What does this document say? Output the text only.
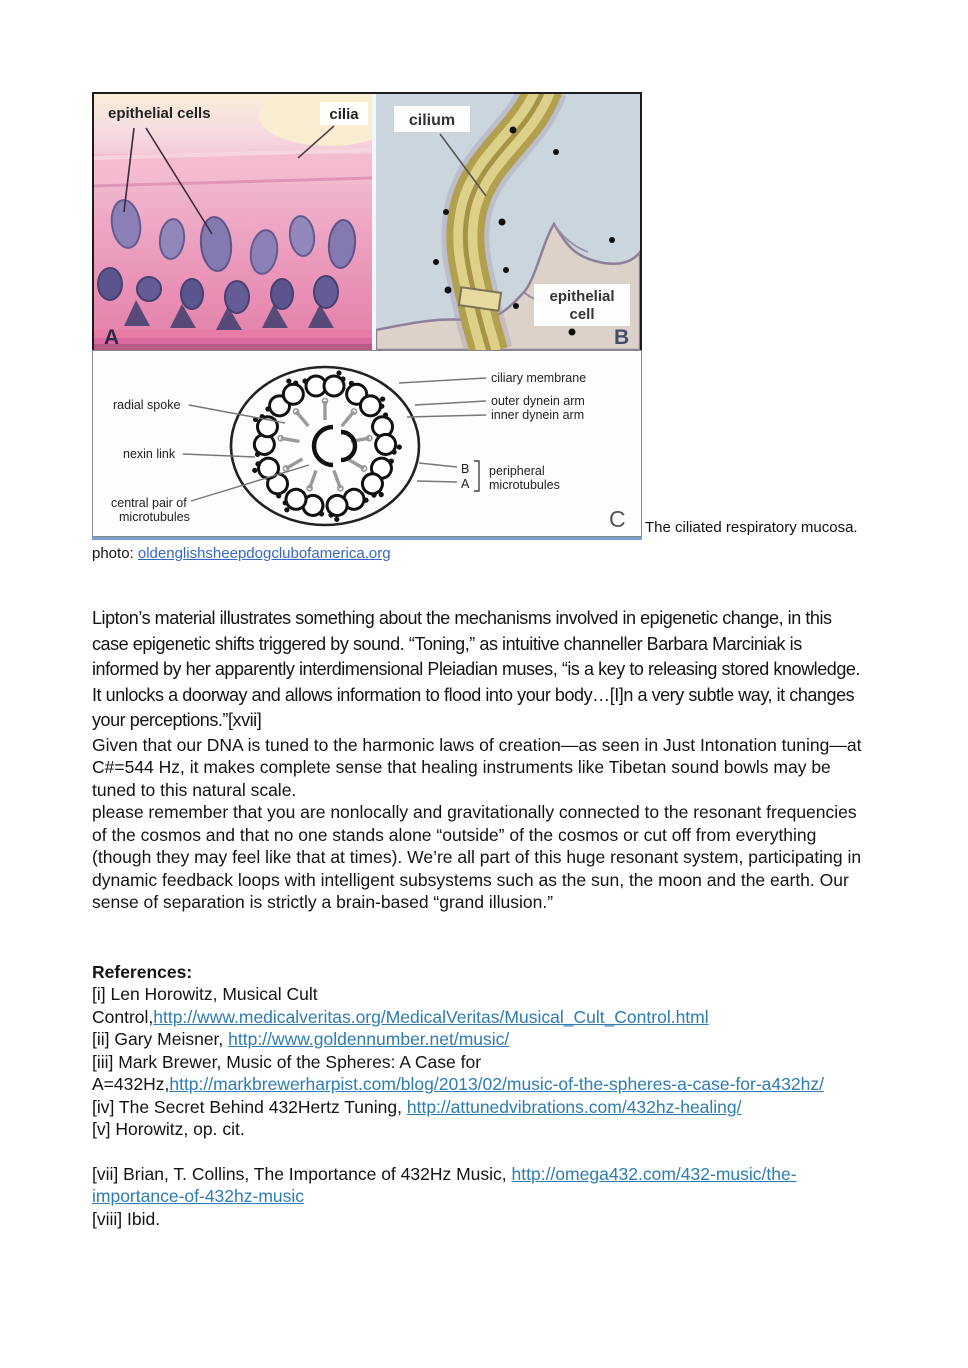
epithelial cells	cilia
A
cilium
epithelial
cell
B
radial spoke
nexin link
central pair of
microtubules
ciliary membrane
outer dynein arm
inner dynein arm
B
A
peripheral
microtubules
C The ciliated respiratory mucosa.
photo: oldenglishsheepdogclubofamerica.org

Lipton’s material illustrates something about the mechanisms involved in epigenetic change, in this case epigenetic shifts triggered by sound. “Toning,” as intuitive channeller Barbara Marciniak is informed by her apparently interdimensional Pleiadian muses, “is a key to releasing stored knowledge. It unlocks a doorway and allows information to flood into your body…[I]n a very subtle way, it changes your perceptions.”[xvii]

Given that our DNA is tuned to the harmonic laws of creation—as seen in Just Intonation tuning—at C#=544 Hz, it makes complete sense that healing instruments like Tibetan sound bowls may be tuned to this natural scale.

please remember that you are nonlocally and gravitationally connected to the resonant frequencies of the cosmos and that no one stands alone “outside” of the cosmos or cut off from everything (though they may feel like that at times). We’re all part of this huge resonant system, participating in dynamic feedback loops with intelligent subsystems such as the sun, the moon and the earth. Our sense of separation is strictly a brain-based “grand illusion.”

References:

[i] Len Horowitz, Musical Cult Control,http://www.medicalveritas.org/MedicalVeritas/Musical_Cult_Control.html
[ii] Gary Meisner, http://www.goldennumber.net/music/
[iii] Mark Brewer, Music of the Spheres: A Case for A=432Hz,http://markbrewerharpist.com/blog/2013/02/music-of-the-spheres-a-case-for-a432hz/
[iv] The Secret Behind 432Hertz Tuning, http://attunedvibrations.com/432hz-healing/
[v] Horowitz, op. cit.
[vii] Brian, T. Collins, The Importance of 432Hz Music, http://omega432.com/432-music/the-importance-of-432hz-music
[viii] Ibid.
